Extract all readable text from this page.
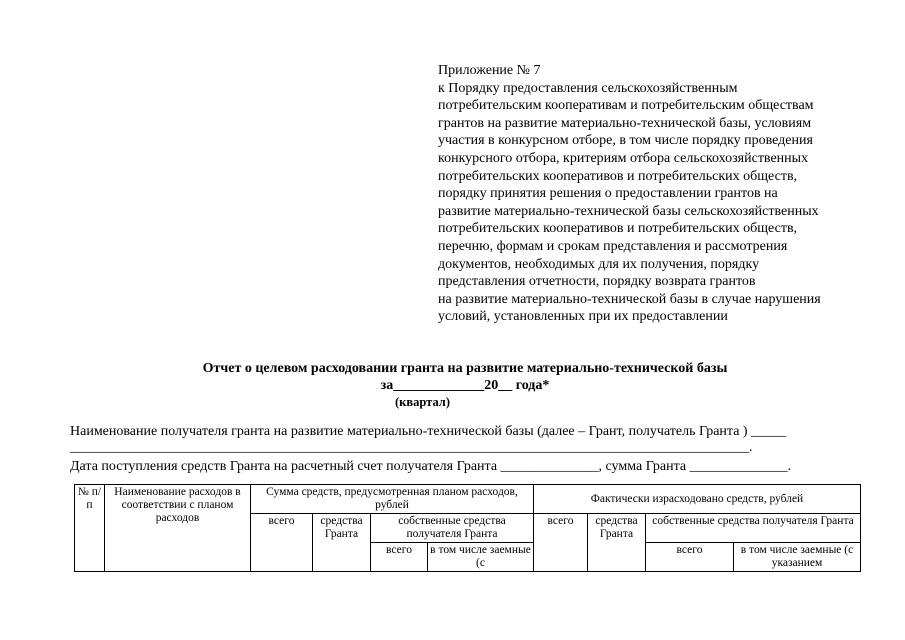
Приложение № 7
к Порядку предоставления сельскохозяйственным
потребительским кооперативам и потребительским обществам
грантов на развитие материально-технической базы, условиям
участия в конкурсном отборе, в том числе порядку проведения
конкурсного отбора, критериям отбора сельскохозяйственных
потребительских кооперативов и потребительских обществ,
порядку принятия решения о предоставлении грантов на
развитие материально-технической базы сельскохозяйственных
потребительских кооперативов и потребительских обществ,
перечню, формам и срокам представления и рассмотрения
документов, необходимых для их получения, порядку
представления отчетности, порядку возврата грантов
на развитие материально-технической базы в случае нарушения
условий, установленных при их предоставлении
Отчет о целевом расходовании гранта на развитие материально-технической базы
за_____________20__ года*
(квартал)
Наименование получателя гранта на развитие материально-технической базы (далее – Грант, получатель Гранта ) _____
_________________________________________________________________________________________________.
Дата поступления средств Гранта на расчетный счет получателя Гранта ______________, сумма Гранта ______________.
№ п/п	Наименование расходов в соответствии с планом расходов	Сумма средств, предусмотренная планом расходов, рублей				Фактически израсходовано средств, рублей			
		всего	средства Гранта	собственные средства получателя Гранта		всего	средства Гранта	собственные средства получателя Гранта	
				всего	в том числе заемные (с			всего	в том числе заемные (с указанием
